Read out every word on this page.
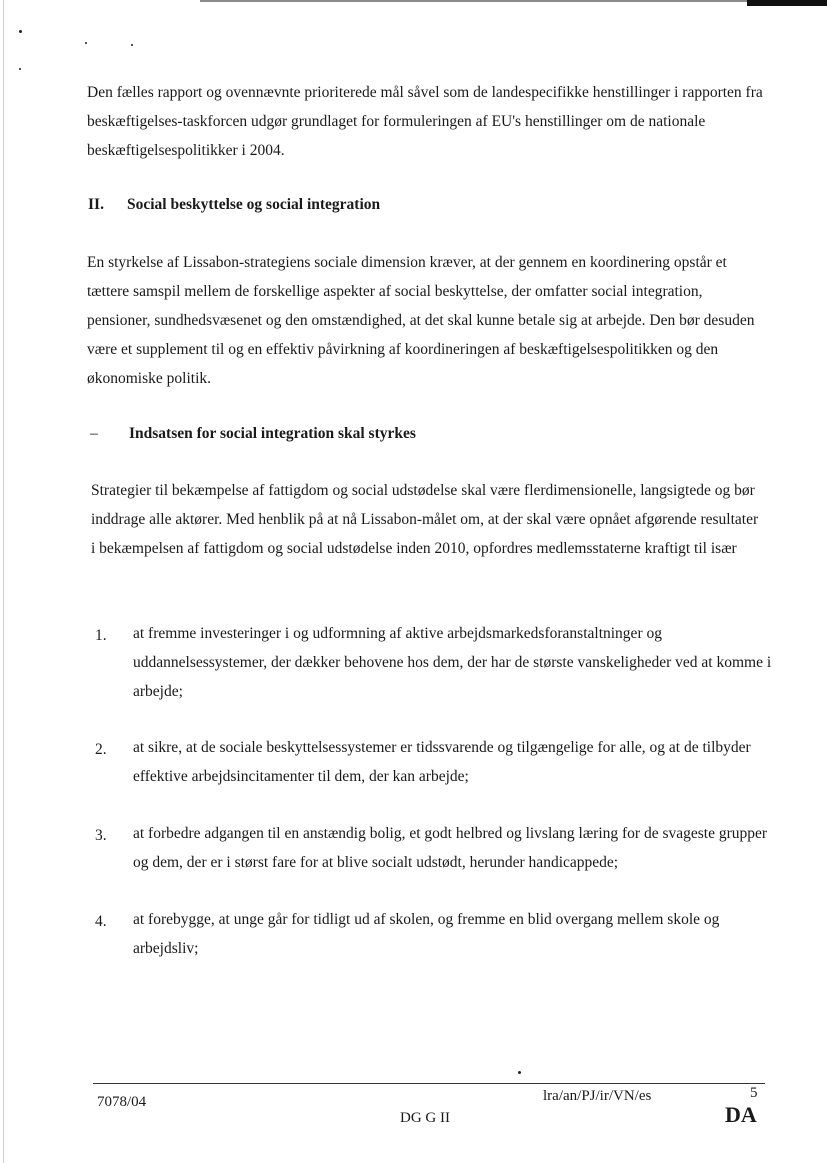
Den fælles rapport og ovennævnte prioriterede mål såvel som de landespecifikke henstillinger i rapporten fra beskæftigelses-taskforcen udgør grundlaget for formuleringen af EU's henstillinger om de nationale beskæftigelsespolitikker i 2004.

II. Social beskyttelse og social integration

En styrkelse af Lissabon-strategiens sociale dimension kræver, at der gennem en koordinering opstår et tættere samspil mellem de forskellige aspekter af social beskyttelse, der omfatter social integration, pensioner, sundhedsvæsenet og den omstændighed, at det skal kunne betale sig at arbejde. Den bør desuden være et supplement til og en effektiv påvirkning af koordineringen af beskæftigelsespolitikken og den økonomiske politik.

– Indsatsen for social integration skal styrkes

Strategier til bekæmpelse af fattigdom og social udstødelse skal være flerdimensionelle, langsigtede og bør inddrage alle aktører. Med henblik på at nå Lissabon-målet om, at der skal være opnået afgørende resultater i bekæmpelsen af fattigdom og social udstødelse inden 2010, opfordres medlemsstaterne kraftigt til især

1. at fremme investeringer i og udformning af aktive arbejdsmarkedsforanstaltninger og uddannelsessystemer, der dækker behovene hos dem, der har de største vanskeligheder ved at komme i arbejde;

2. at sikre, at de sociale beskyttelsessystemer er tidssvarende og tilgængelige for alle, og at de tilbyder effektive arbejdsincitamenter til dem, der kan arbejde;

3. at forbedre adgangen til en anstændig bolig, et godt helbred og livslang læring for de svageste grupper og dem, der er i størst fare for at blive socialt udstødt, herunder handicappede;

4. at forebygge, at unge går for tidligt ud af skolen, og fremme en blid overgang mellem skole og arbejdsliv;

7078/04	lra/an/PJ/ir/VN/es	5
DG G II	DA
